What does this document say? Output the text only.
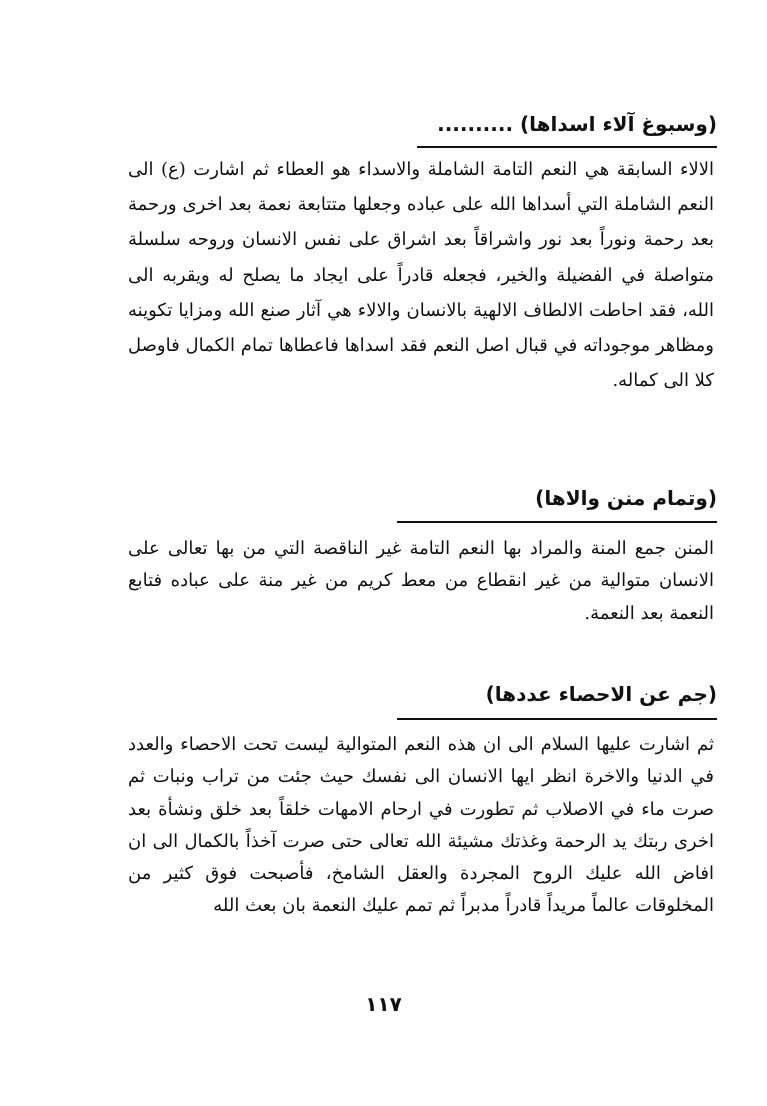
(وسبوغ آلاء اسداها) ..........
الالاء السابقة هي النعم التامة الشاملة والاسداء هو العطاء ثم اشارت (ع) الى النعم الشاملة التي أسداها الله على عباده وجعلها متتابعة نعمة بعد اخرى ورحمة بعد رحمة ونوراً بعد نور واشراقاً بعد اشراق على نفس الانسان وروحه سلسلة متواصلة في الفضيلة والخير، فجعله قادراً على ايجاد ما يصلح له ويقربه الى الله، فقد احاطت الالطاف الالهية بالانسان والالاء هي آثار صنع الله ومزايا تكوينه ومظاهر موجوداته في قبال اصل النعم فقد اسداها فاعطاها تمام الكمال فاوصل كلا الى كماله.
(وتمام منن والاها)
المنن جمع المنة والمراد بها النعم التامة غير الناقصة التي من بها تعالى على الانسان متوالية من غير انقطاع من معط كريم من غير منة على عباده فتابع النعمة بعد النعمة.
(جم عن الاحصاء عددها)
ثم اشارت عليها السلام الى ان هذه النعم المتوالية ليست تحت الاحصاء والعدد في الدنيا والاخرة انظر ايها الانسان الى نفسك حيث جئت من تراب ونبات ثم صرت ماء في الاصلاب ثم تطورت في ارحام الامهات خلقاً بعد خلق ونشأة بعد اخرى ربتك يد الرحمة وغذتك مشيئة الله تعالى حتى صرت آخذاً بالكمال الى ان افاض الله عليك الروح المجردة والعقل الشامخ، فأصبحت فوق كثير من المخلوقات عالماً مريداً قادراً مدبراً ثم تمم عليك النعمة بان بعث الله
١١٧
